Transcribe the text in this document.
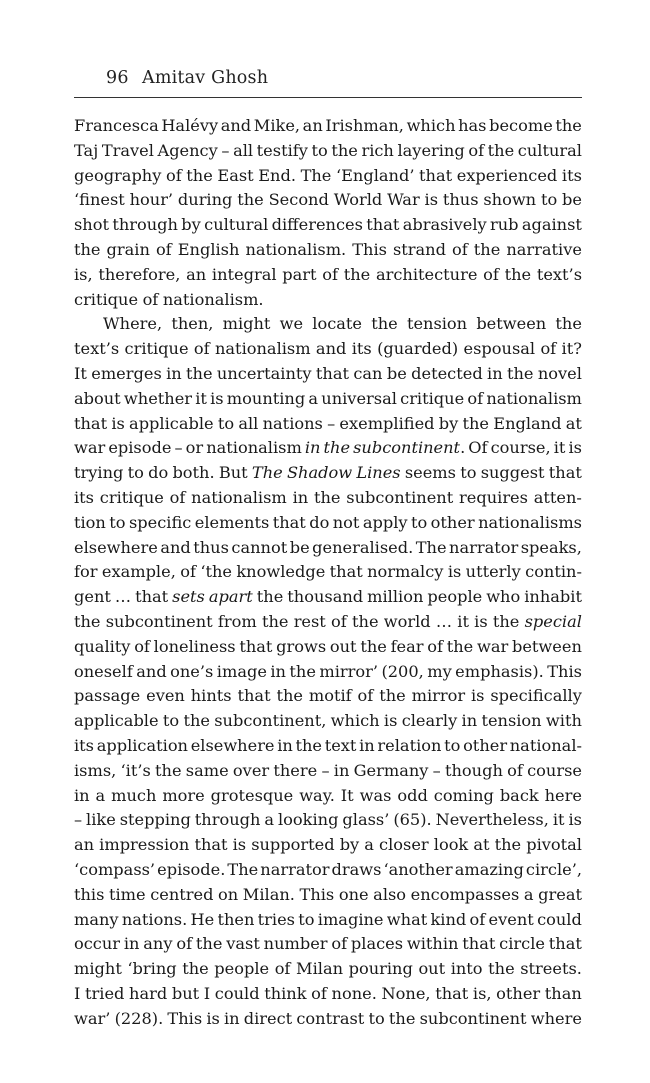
96 Amitav Ghosh
Francesca Halévy and Mike, an Irishman, which has become the
Taj Travel Agency – all testify to the rich layering of the cultural
geography of the East End. The ‘England’ that experienced its
‘finest hour’ during the Second World War is thus shown to be
shot through by cultural differences that abrasively rub against
the grain of English nationalism. This strand of the narrative
is, therefore, an integral part of the architecture of the text’s
critique of nationalism.
Where, then, might we locate the tension between the
text’s critique of nationalism and its (guarded) espousal of it?
It emerges in the uncertainty that can be detected in the novel
about whether it is mounting a universal critique of nationalism
that is applicable to all nations – exemplified by the England at
war episode – or nationalism in the subcontinent. Of course, it is
trying to do both. But The Shadow Lines seems to suggest that
its critique of nationalism in the subcontinent requires atten-
tion to specific elements that do not apply to other nationalisms
elsewhere and thus cannot be generalised. The narrator speaks,
for example, of ‘the knowledge that normalcy is utterly contin-
gent … that sets apart the thousand million people who inhabit
the subcontinent from the rest of the world … it is the special
quality of loneliness that grows out the fear of the war between
oneself and one’s image in the mirror’ (200, my emphasis). This
passage even hints that the motif of the mirror is specifically
applicable to the subcontinent, which is clearly in tension with
its application elsewhere in the text in relation to other national-
isms, ‘it’s the same over there – in Germany – though of course
in a much more grotesque way. It was odd coming back here
– like stepping through a looking glass’ (65). Nevertheless, it is
an impression that is supported by a closer look at the pivotal
‘compass’ episode. The narrator draws ‘another amazing circle’,
this time centred on Milan. This one also encompasses a great
many nations. He then tries to imagine what kind of event could
occur in any of the vast number of places within that circle that
might ‘bring the people of Milan pouring out into the streets.
I tried hard but I could think of none. None, that is, other than
war’ (228). This is in direct contrast to the subcontinent where
